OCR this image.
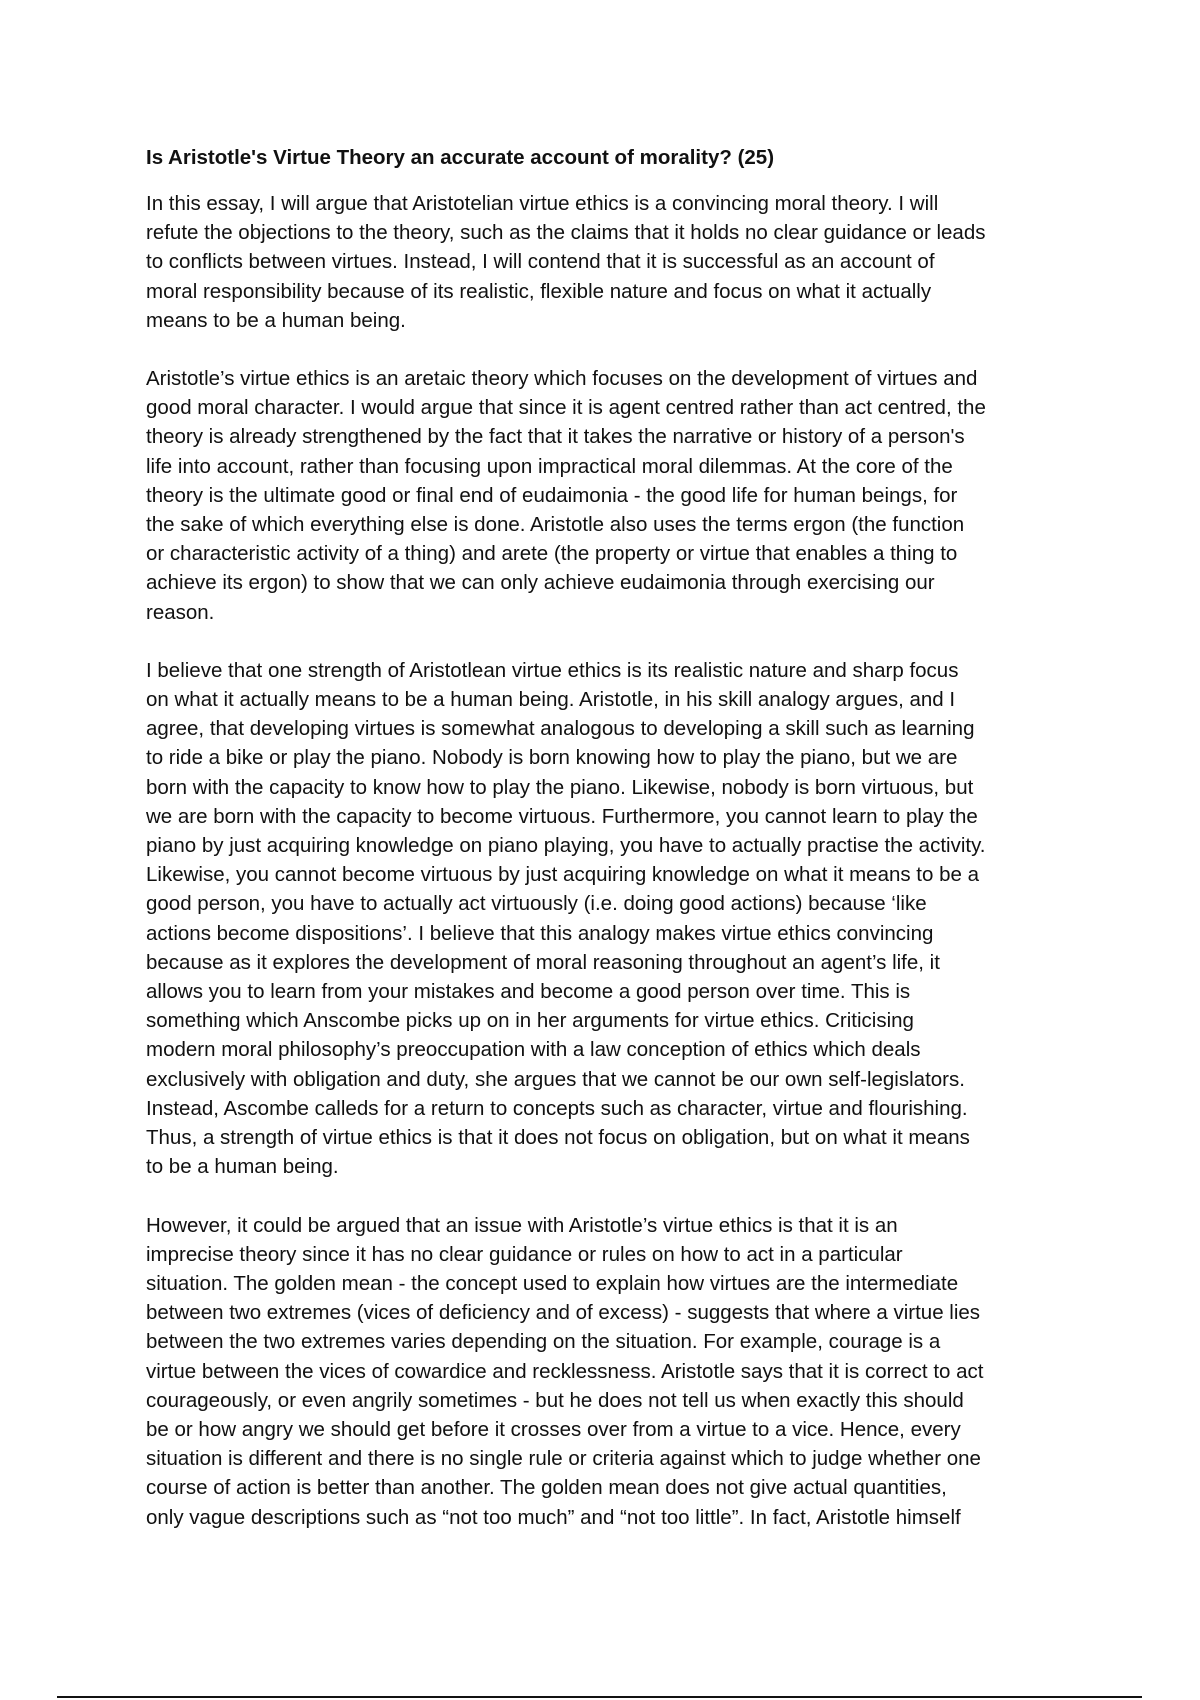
Is Aristotle's Virtue Theory an accurate account of morality? (25)
In this essay, I will argue that Aristotelian virtue ethics is a convincing moral theory. I will
refute the objections to the theory, such as the claims that it holds no clear guidance or leads
to conflicts between virtues. Instead, I will contend that it is successful as an account of
moral responsibility because of its realistic, flexible nature and focus on what it actually
means to be a human being.
Aristotle’s virtue ethics is an aretaic theory which focuses on the development of virtues and
good moral character. I would argue that since it is agent centred rather than act centred, the
theory is already strengthened by the fact that it takes the narrative or history of a person's
life into account, rather than focusing upon impractical moral dilemmas. At the core of the
theory is the ultimate good or final end of eudaimonia - the good life for human beings, for
the sake of which everything else is done. Aristotle also uses the terms ergon (the function
or characteristic activity of a thing) and arete (the property or virtue that enables a thing to
achieve its ergon) to show that we can only achieve eudaimonia through exercising our
reason.
I believe that one strength of Aristotlean virtue ethics is its realistic nature and sharp focus
on what it actually means to be a human being. Aristotle, in his skill analogy argues, and I
agree, that developing virtues is somewhat analogous to developing a skill such as learning
to ride a bike or play the piano. Nobody is born knowing how to play the piano, but we are
born with the capacity to know how to play the piano. Likewise, nobody is born virtuous, but
we are born with the capacity to become virtuous. Furthermore, you cannot learn to play the
piano by just acquiring knowledge on piano playing, you have to actually practise the activity.
Likewise, you cannot become virtuous by just acquiring knowledge on what it means to be a
good person, you have to actually act virtuously (i.e. doing good actions) because ‘like
actions become dispositions’. I believe that this analogy makes virtue ethics convincing
because as it explores the development of moral reasoning throughout an agent’s life, it
allows you to learn from your mistakes and become a good person over time. This is
something which Anscombe picks up on in her arguments for virtue ethics. Criticising
modern moral philosophy’s preoccupation with a law conception of ethics which deals
exclusively with obligation and duty, she argues that we cannot be our own self-legislators.
Instead, Ascombe calleds for a return to concepts such as character, virtue and flourishing.
Thus, a strength of virtue ethics is that it does not focus on obligation, but on what it means
to be a human being.
However, it could be argued that an issue with Aristotle’s virtue ethics is that it is an
imprecise theory since it has no clear guidance or rules on how to act in a particular
situation. The golden mean - the concept used to explain how virtues are the intermediate
between two extremes (vices of deficiency and of excess) - suggests that where a virtue lies
between the two extremes varies depending on the situation. For example, courage is a
virtue between the vices of cowardice and recklessness. Aristotle says that it is correct to act
courageously, or even angrily sometimes - but he does not tell us when exactly this should
be or how angry we should get before it crosses over from a virtue to a vice. Hence, every
situation is different and there is no single rule or criteria against which to judge whether one
course of action is better than another. The golden mean does not give actual quantities,
only vague descriptions such as “not too much” and “not too little”. In fact, Aristotle himself
